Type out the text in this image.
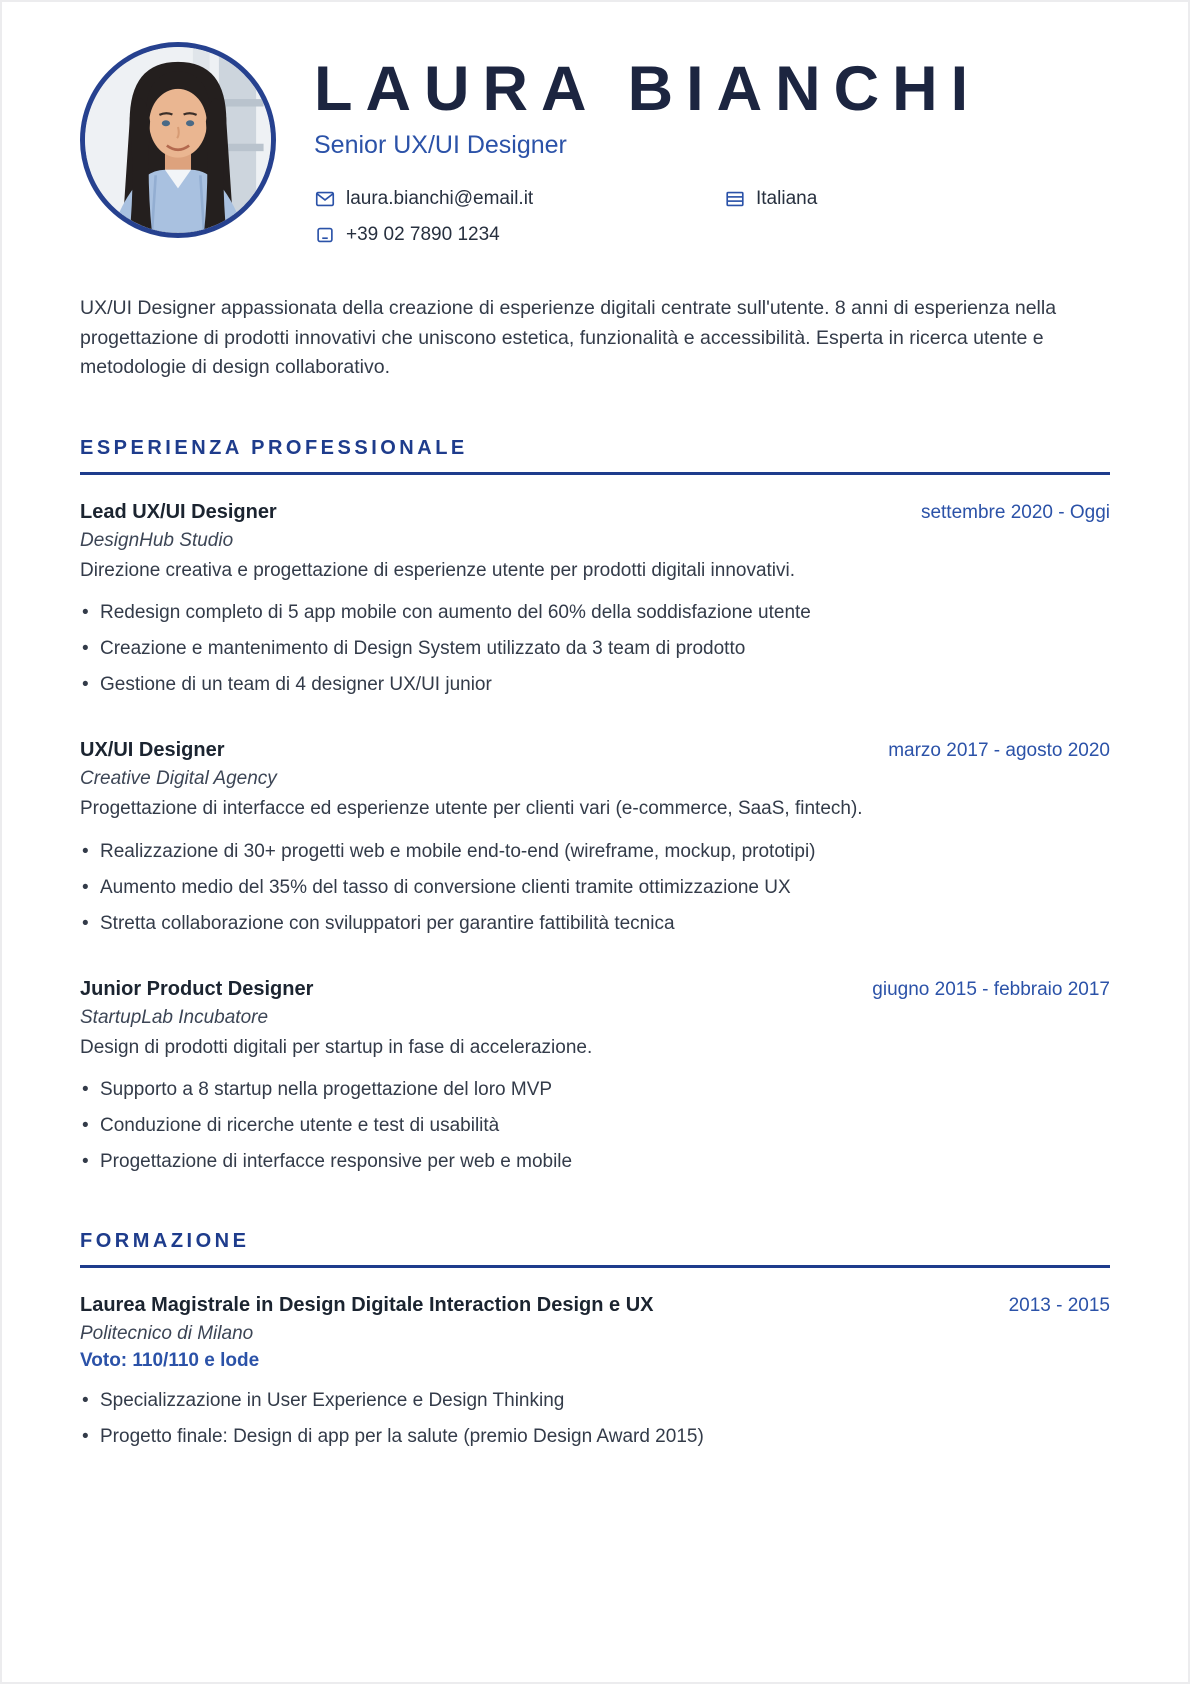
LAURA BIANCHI
Senior UX/UI Designer
laura.bianchi@email.it	Italiana
+39 02 7890 1234

UX/UI Designer appassionata della creazione di esperienze digitali centrate sull'utente. 8 anni di esperienza nella progettazione di prodotti innovativi che uniscono estetica, funzionalità e accessibilità. Esperta in ricerca utente e metodologie di design collaborativo.

ESPERIENZA PROFESSIONALE
Lead UX/UI Designer	settembre 2020 - Oggi
DesignHub Studio
Direzione creativa e progettazione di esperienze utente per prodotti digitali innovativi.
• Redesign completo di 5 app mobile con aumento del 60% della soddisfazione utente
• Creazione e mantenimento di Design System utilizzato da 3 team di prodotto
• Gestione di un team di 4 designer UX/UI junior
UX/UI Designer	marzo 2017 - agosto 2020
Creative Digital Agency
Progettazione di interfacce ed esperienze utente per clienti vari (e-commerce, SaaS, fintech).
• Realizzazione di 30+ progetti web e mobile end-to-end (wireframe, mockup, prototipi)
• Aumento medio del 35% del tasso di conversione clienti tramite ottimizzazione UX
• Stretta collaborazione con sviluppatori per garantire fattibilità tecnica
Junior Product Designer	giugno 2015 - febbraio 2017
StartupLab Incubatore
Design di prodotti digitali per startup in fase di accelerazione.
• Supporto a 8 startup nella progettazione del loro MVP
• Conduzione di ricerche utente e test di usabilità
• Progettazione di interfacce responsive per web e mobile
FORMAZIONE
Laurea Magistrale in Design Digitale Interaction Design e UX	2013 - 2015
Politecnico di Milano
Voto: 110/110 e lode
• Specializzazione in User Experience e Design Thinking
• Progetto finale: Design di app per la salute (premio Design Award 2015)
